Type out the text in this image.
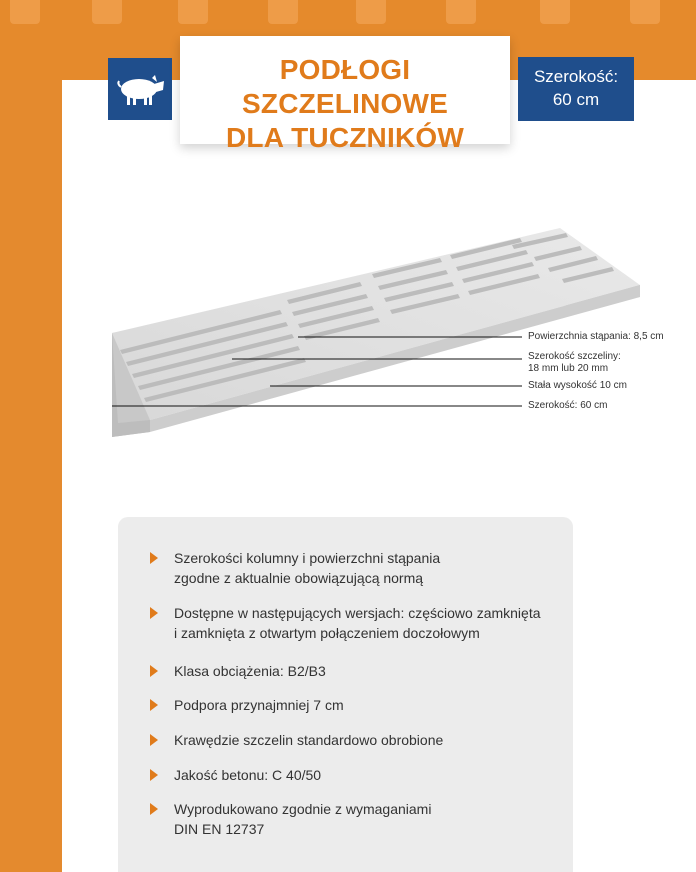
PODŁOGI SZCZELINOWE
DLA TUCZNIKÓW
Szerokość:
60 cm
Powierzchnia stąpania: 8,5 cm
Szerokość szczeliny:
18 mm lub 20 mm
Stała wysokość 10 cm
Szerokość: 60 cm
Szerokości kolumny i powierzchni stąpania
zgodne z aktualnie obowiązującą normą
Dostępne w następujących wersjach: częściowo zamknięta
i zamknięta z otwartym połączeniem doczołowym
Klasa obciążenia: B2/B3
Podpora przynajmniej 7 cm
Krawędzie szczelin standardowo obrobione
Jakość betonu: C 40/50
Wyprodukowano zgodnie z wymaganiami
DIN EN 12737
